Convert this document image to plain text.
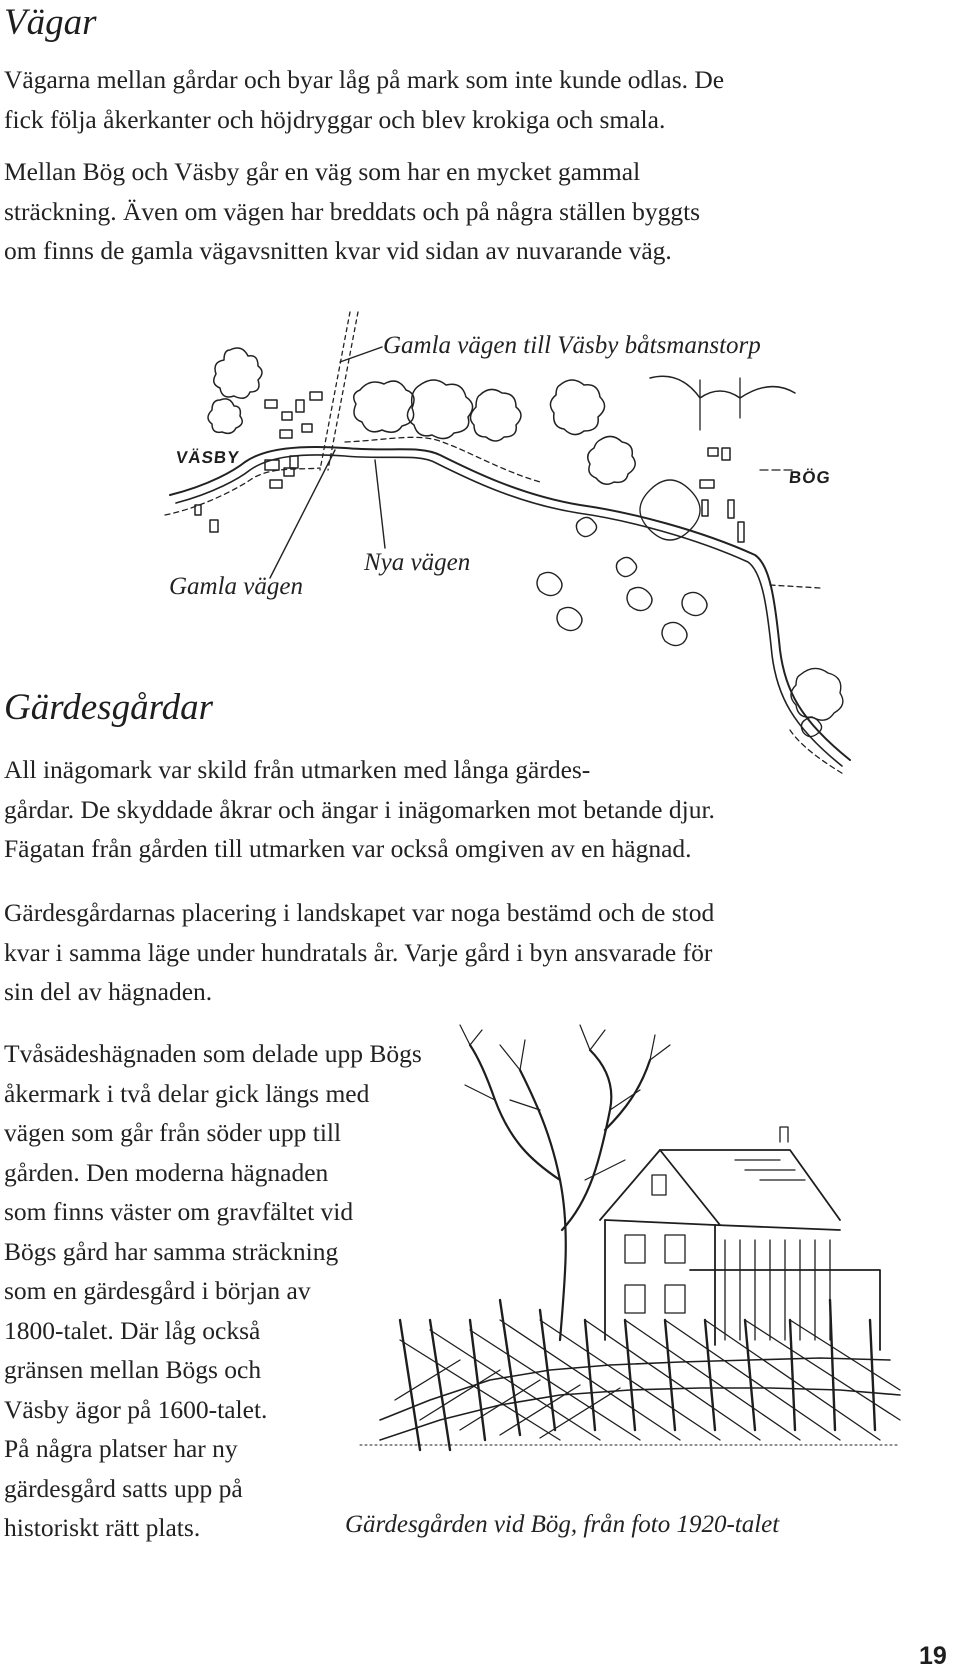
Vägar
Vägarna mellan gårdar och byar låg på mark som inte kunde odlas. De
fick följa åkerkanter och höjdryggar och blev krokiga och smala.
Mellan Bög och Väsby går en väg som har en mycket gammal
sträckning. Även om vägen har breddats och på några ställen byggts
om finns de gamla vägavsnitten kvar vid sidan av nuvarande väg.
VÄSBY
BÖG
Gamla vägen till Väsby båtsmanstorp
Gamla vägen
Nya vägen
Gärdesgårdar
All inägomark var skild från utmarken med långa gärdes-
gårdar. De skyddade åkrar och ängar i inägomarken mot betande djur.
Fägatan från gården till utmarken var också omgiven av en hägnad.
Gärdesgårdarnas placering i landskapet var noga bestämd och de stod
kvar i samma läge under hundratals år. Varje gård i byn ansvarade för
sin del av hägnaden.
Tvåsädeshägnaden som delade upp Bögs
åkermark i två delar gick längs med
vägen som går från söder upp till
gården. Den moderna hägnaden
som finns väster om gravfältet vid
Bögs gård har samma sträckning
som en gärdesgård i början av
1800-talet. Där låg också
gränsen mellan Bögs och
Väsby ägor på 1600-talet.
På några platser har ny
gärdesgård satts upp på
historiskt rätt plats.	Gärdesgården vid Bög, från foto 1920-talet
19
